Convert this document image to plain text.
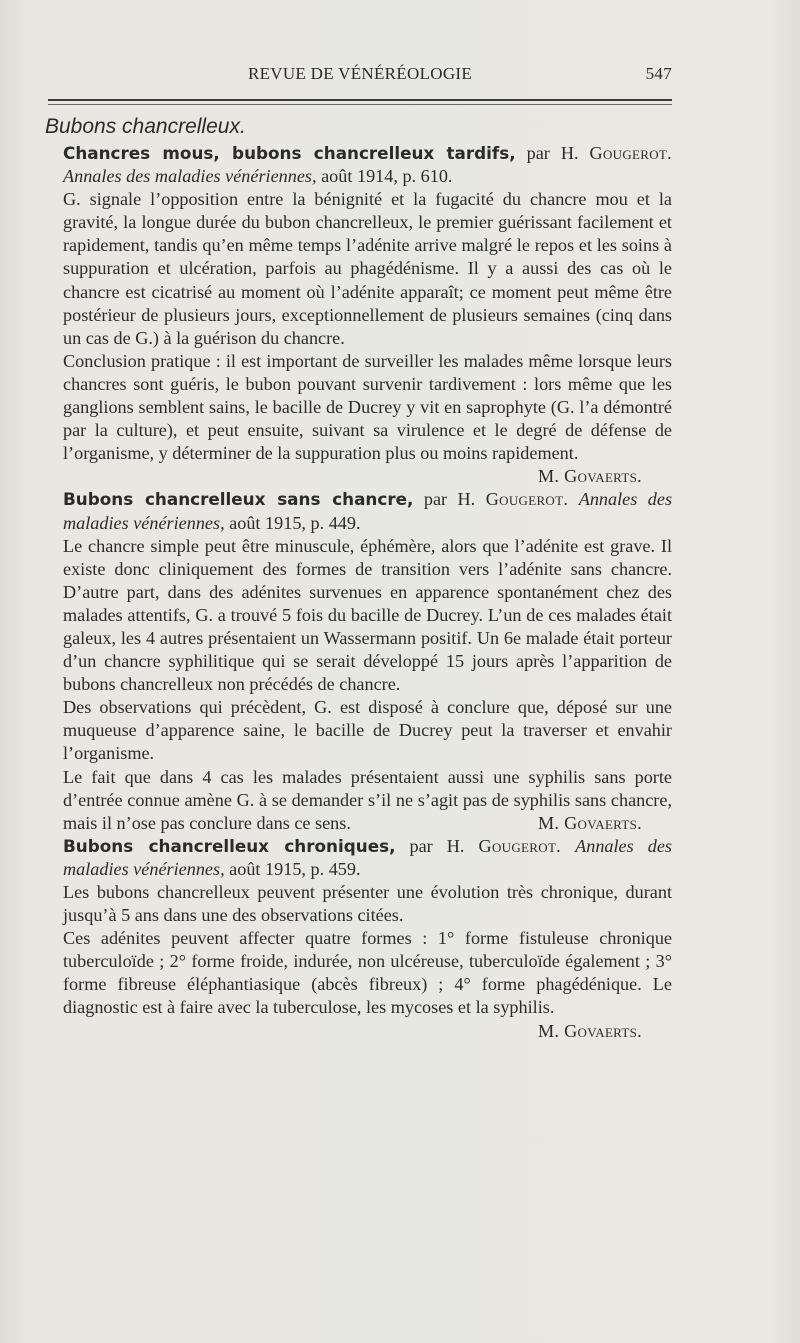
REVUE DE VÉNÉRÉOLOGIE	547
Bubons chancrelleux.

Chancres mous, bubons chancrelleux tardifs, par H. Gougerot. Annales des maladies vénériennes, août 1914, p. 610.

G. signale l’opposition entre la bénignité et la fugacité du chancre mou et la gravité, la longue durée du bubon chancrelleux, le premier guérissant facilement et rapidement, tandis qu’en même temps l’adénite arrive malgré le repos et les soins à suppuration et ulcération, parfois au phagédénisme. Il y a aussi des cas où le chancre est cicatrisé au moment où l’adénite apparaît; ce moment peut même être postérieur de plusieurs jours, exceptionnellement de plusieurs semaines (cinq dans un cas de G.) à la guérison du chancre.

Conclusion pratique : il est important de surveiller les malades même lorsque leurs chancres sont guéris, le bubon pouvant survenir tardivement : lors même que les ganglions semblent sains, le bacille de Ducrey y vit en saprophyte (G. l’a démontré par la culture), et peut ensuite, suivant sa virulence et le degré de défense de l’organisme, y déterminer de la suppuration plus ou moins rapidement.
M. Govaerts.

Bubons chancrelleux sans chancre, par H. Gougerot. Annales des maladies vénériennes, août 1915, p. 449.

Le chancre simple peut être minuscule, éphémère, alors que l’adénite est grave. Il existe donc cliniquement des formes de transition vers l’adénite sans chancre. D’autre part, dans des adénites survenues en apparence spontanément chez des malades attentifs, G. a trouvé 5 fois du bacille de Ducrey. L’un de ces malades était galeux, les 4 autres présentaient un Wassermann positif. Un 6e malade était porteur d’un chancre syphilitique qui se serait développé 15 jours après l’apparition de bubons chancrelleux non précédés de chancre.

Des observations qui précèdent, G. est disposé à conclure que, déposé sur une muqueuse d’apparence saine, le bacille de Ducrey peut la traverser et envahir l’organisme.

Le fait que dans 4 cas les malades présentaient aussi une syphilis sans porte d’entrée connue amène G. à se demander s’il ne s’agit pas de syphilis sans chancre, mais il n’ose pas conclure dans ce sens.	M. Govaerts.

Bubons chancrelleux chroniques, par H. Gougerot. Annales des maladies vénériennes, août 1915, p. 459.

Les bubons chancrelleux peuvent présenter une évolution très chronique, durant jusqu’à 5 ans dans une des observations citées.

Ces adénites peuvent affecter quatre formes : 1° forme fistuleuse chronique tuberculoïde ; 2° forme froide, indurée, non ulcéreuse, tuberculoïde également ; 3° forme fibreuse éléphantiasique (abcès fibreux) ; 4° forme phagédénique. Le diagnostic est à faire avec la tuberculose, les mycoses et la syphilis.
M. Govaerts.
